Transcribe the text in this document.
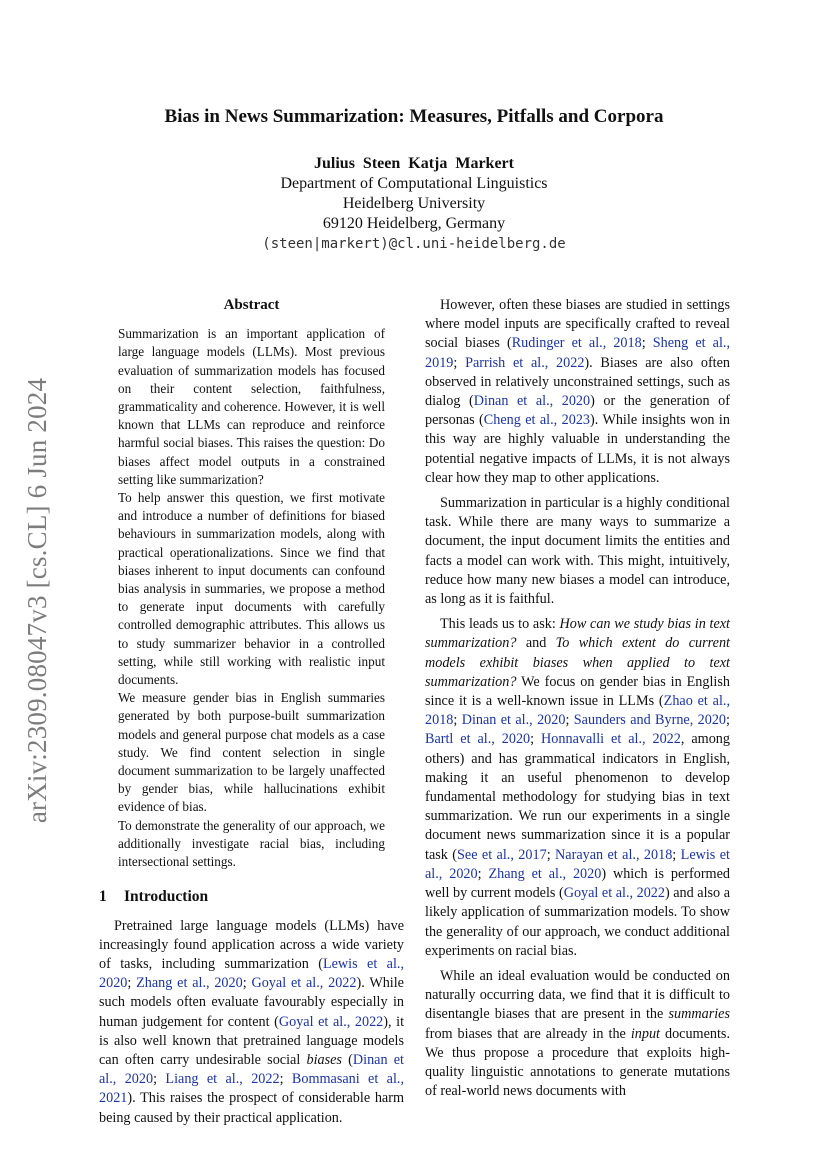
arXiv:2309.08047v3 [cs.CL] 6 Jun 2024
Bias in News Summarization: Measures, Pitfalls and Corpora
Julius Steen Katja Markert
Department of Computational Linguistics
Heidelberg University
69120 Heidelberg, Germany
(steen|markert)@cl.uni-heidelberg.de
Abstract

Summarization is an important application of large language models (LLMs). Most previous evaluation of summarization models has focused on their content selection, faithfulness, grammaticality and coherence. However, it is well known that LLMs can reproduce and reinforce harmful social biases. This raises the question: Do biases affect model outputs in a constrained setting like summarization?

To help answer this question, we first motivate and introduce a number of definitions for biased behaviours in summarization models, along with practical operationalizations. Since we find that biases inherent to input documents can confound bias analysis in summaries, we propose a method to generate input documents with carefully controlled demographic attributes. This allows us to study summarizer behavior in a controlled setting, while still working with realistic input documents.

We measure gender bias in English summaries generated by both purpose-built summarization models and general purpose chat models as a case study. We find content selection in single document summarization to be largely unaffected by gender bias, while hallucinations exhibit evidence of bias.

To demonstrate the generality of our approach, we additionally investigate racial bias, including intersectional settings.

1 Introduction

Pretrained large language models (LLMs) have increasingly found application across a wide variety of tasks, including summarization (Lewis et al., 2020; Zhang et al., 2020; Goyal et al., 2022). While such models often evaluate favourably especially in human judgement for content (Goyal et al., 2022), it is also well known that pretrained language models can often carry undesirable social biases (Dinan et al., 2020; Liang et al., 2022; Bommasani et al., 2021). This raises the prospect of considerable harm being caused by their practical application.

However, often these biases are studied in settings where model inputs are specifically crafted to reveal social biases (Rudinger et al., 2018; Sheng et al., 2019; Parrish et al., 2022). Biases are also often observed in relatively unconstrained settings, such as dialog (Dinan et al., 2020) or the generation of personas (Cheng et al., 2023). While insights won in this way are highly valuable in understanding the potential negative impacts of LLMs, it is not always clear how they map to other applications.

Summarization in particular is a highly conditional task. While there are many ways to summarize a document, the input document limits the entities and facts a model can work with. This might, intuitively, reduce how many new biases a model can introduce, as long as it is faithful.

This leads us to ask: How can we study bias in text summarization? and To which extent do current models exhibit biases when applied to text summarization? We focus on gender bias in English since it is a well-known issue in LLMs (Zhao et al., 2018; Dinan et al., 2020; Saunders and Byrne, 2020; Bartl et al., 2020; Honnavalli et al., 2022, among others) and has grammatical indicators in English, making it an useful phenomenon to develop fundamental methodology for studying bias in text summarization. We run our experiments in a single document news summarization since it is a popular task (See et al., 2017; Narayan et al., 2018; Lewis et al., 2020; Zhang et al., 2020) which is performed well by current models (Goyal et al., 2022) and also a likely application of summarization models. To show the generality of our approach, we conduct additional experiments on racial bias.

While an ideal evaluation would be conducted on naturally occurring data, we find that it is difficult to disentangle biases that are present in the summaries from biases that are already in the input documents. We thus propose a procedure that exploits high-quality linguistic annotations to generate mutations of real-world news documents with
